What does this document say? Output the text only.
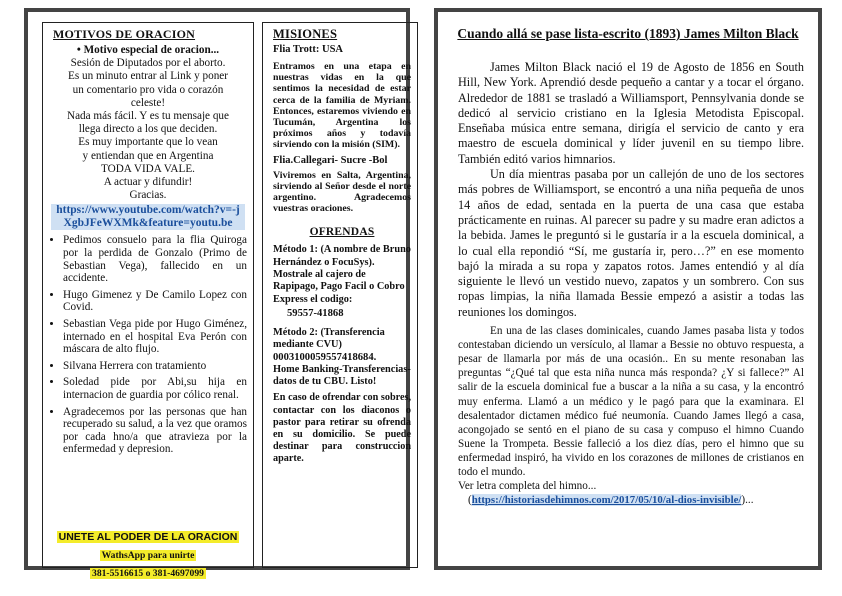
MOTIVOS DE ORACION
• Motivo especial de oracion...
Sesión de Diputados por el aborto.
Es un minuto entrar al Link y poner
un comentario pro vida o corazón
celeste!
Nada más fácil. Y es tu mensaje que
llega directo a los que deciden.
Es muy importante que lo vean
y entiendan que en Argentina
TODA VIDA VALE.
A actuar y difundir!
Gracias.
https://www.youtube.com/watch?v=-jXgbJFeWXMk&feature=youtu.be
• Pedimos consuelo para la flia Quiroga por la perdida de Gonzalo (Primo de Sebastian Vega), fallecido en un accidente.
• Hugo Gimenez y De Camilo Lopez con Covid.
• Sebastian Vega pide por Hugo Giménez, internado en el hospital Eva Perón con máscara de alto flujo.
• Silvana Herrera con tratamiento
• Soledad pide por Abi,su hija en internacion de guardia por cólico renal.
• Agradecemos por las personas que han recuperado su salud, a la vez que oramos por cada hno/a que atravieza por la enfermedad y depresion.
UNETE AL PODER DE LA ORACION
WathsApp para unirte
381-5516615 o 381-4697099
MISIONES
Flia Trott: USA
Entramos en una etapa en nuestras vidas en la que sentimos la necesidad de estar cerca de la familia de Myriam. Entonces, estaremos viviendo en Tucumán, Argentina los próximos años y todavía sirviendo con la misión (SIM).
Flia.Callegari- Sucre -Bol
Viviremos en Salta, Argentina, sirviendo al Señor desde el norte argentino. Agradecemos vuestras oraciones.
OFRENDAS
Método 1: (A nombre de Bruno Hernández o FocuSys). Mostrale al cajero de Rapipago, Pago Facil o Cobro Express el codigo:
59557-41868
Método 2: (Transferencia mediante CVU)
0003100059557418684.
Home Banking-Transferencias- datos de tu CBU. Listo!
En caso de ofrendar con sobres, contactar con los diaconos o pastor para retirar su ofrenda en su domicilio. Se puede destinar para construccion aparte.
Cuando allá se pase lista-escrito (1893) James Milton Black

James Milton Black nació el 19 de Agosto de 1856 en South Hill, New York. Aprendió desde pequeño a cantar y a tocar el órgano. Alrededor de 1881 se trasladó a Williamsport, Pennsylvania donde se dedicó al servicio cristiano en la Iglesia Metodista Episcopal. Enseñaba música entre semana, dirigía el servicio de canto y era maestro de escuela dominical y líder juvenil en su tiempo libre. También editó varios himnarios.

Un día mientras pasaba por un callejón de uno de los sectores más pobres de Williamsport, se encontró a una niña pequeña de unos 14 años de edad, sentada en la puerta de una casa que estaba prácticamente en ruinas. Al parecer su padre y su madre eran adictos a la bebida. James le preguntó si le gustaría ir a la escuela dominical, a lo cual ella repondió “Sí, me gustaría ir, pero…?” en ese momento bajó la mirada a su ropa y zapatos rotos. James entendió y al día siguiente le llevó un vestido nuevo, zapatos y un sombrero. Con sus ropas limpias, la niña llamada Bessie empezó a asistir a todas las reuniones los domingos.

En una de las clases dominicales, cuando James pasaba lista y todos contestaban diciendo un versículo, al llamar a Bessie no obtuvo respuesta, a pesar de llamarla por más de una ocasión.. En su mente resonaban las preguntas “¿Qué tal que esta niña nunca más responda? ¿Y si fallece?” Al salir de la escuela dominical fue a buscar a la niña a su casa, y la encontró muy enferma. Llamó a un médico y le pagó para que la examinara. El desalentador dictamen médico fué neumonía. Cuando James llegó a casa, acongojado se sentó en el piano de su casa y compuso el himno Cuando Suene la Trompeta. Bessie falleció a los diez días, pero el himno que su enfermedad inspiró, ha vivido en los corazones de millones de cristianos en todo el mundo.

Ver letra completa del himno...

(https://historiasdehimnos.com/2017/05/10/al-dios-invisible/)...
